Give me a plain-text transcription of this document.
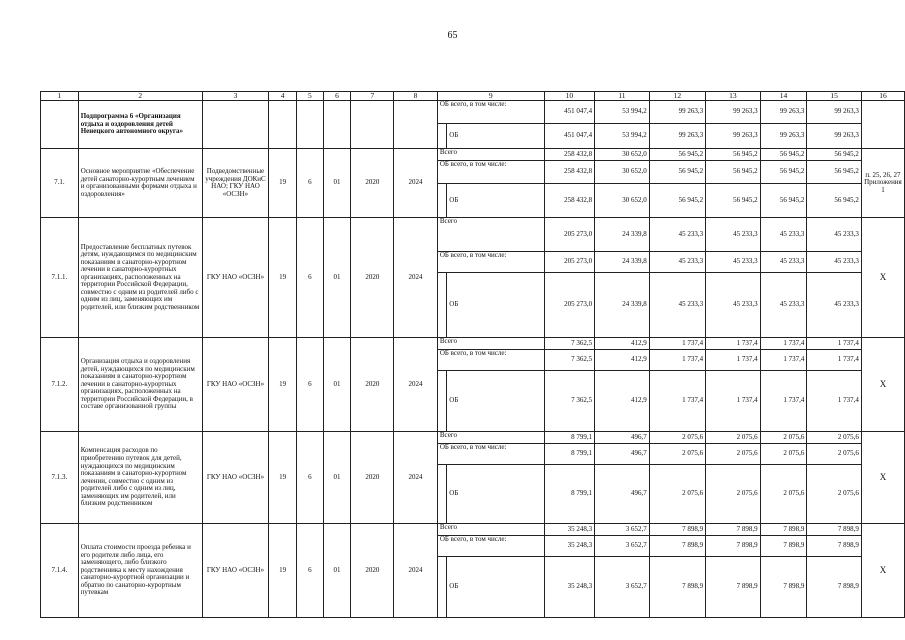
65
1	2	3	4	5	6	7	8	9		10	11	12	13	14	15	16
	Подпрограмма 6 «Организация отдыха и оздоровления детей Ненецкого автономного округа»							ОБ всего, в том числе:		451 047,4	53 994,2	99 263,3	99 263,3	99 263,3	99 263,3	
									ОБ	451 047,4	53 994,2	99 263,3	99 263,3	99 263,3	99 263,3	
7.1.	Основное мероприятие «Обеспечение детей санаторно-курортным лечением и организованными формами отдыха и оздоровления»	Подведомственные учреждения ДОКиС НАО; ГКУ НАО «ОСЗН»	19	6	01	2020	2024	Всего		258 432,8	30 652,0	56 945,2	56 945,2	56 945,2	56 945,2	п. 25, 26, 27 Приложения 1
								ОБ всего, в том числе:		258 432,8	30 652,0	56 945,2	56 945,2	56 945,2	56 945,2	
									ОБ	258 432,8	30 652,0	56 945,2	56 945,2	56 945,2	56 945,2	
7.1.1.	Предоставление бесплатных путевок детям, нуждающимся по медицинским показаниям в санаторно-курортном лечении в санаторно-курортных организациях, расположенных на территории Российской Федерации, совместно с одним из родителей либо с одним из лиц, заменяющих им родителей, или близким родственником	ГКУ НАО «ОСЗН»	19	6	01	2020	2024	Всего		205 273,0	24 339,8	45 233,3	45 233,3	45 233,3	45 233,3	X
								ОБ всего, в том числе:		205 273,0	24 339,8	45 233,3	45 233,3	45 233,3	45 233,3	
									ОБ	205 273,0	24 339,8	45 233,3	45 233,3	45 233,3	45 233,3	
7.1.2.	Организация отдыха и оздоровления детей, нуждающихся по медицинским показаниям в санаторно-курортном лечении в санаторно-курортных организациях, расположенных на территории Российской Федерации, в составе организованной группы	ГКУ НАО «ОСЗН»	19	6	01	2020	2024	Всего		7 362,5	412,9	1 737,4	1 737,4	1 737,4	1 737,4	X
								ОБ всего, в том числе:		7 362,5	412,9	1 737,4	1 737,4	1 737,4	1 737,4	
									ОБ	7 362,5	412,9	1 737,4	1 737,4	1 737,4	1 737,4	
7.1.3.	Компенсация расходов по приобретению путевок для детей, нуждающихся по медицинским показаниям в санаторно-курортном лечении, совместно с одним из родителей либо с одним из лиц, заменяющих им родителей, или близким родственником	ГКУ НАО «ОСЗН»	19	6	01	2020	2024	Всего		8 799,1	496,7	2 075,6	2 075,6	2 075,6	2 075,6	X
								ОБ всего, в том числе:		8 799,1	496,7	2 075,6	2 075,6	2 075,6	2 075,6	
									ОБ	8 799,1	496,7	2 075,6	2 075,6	2 075,6	2 075,6	
7.1.4.	Оплата стоимости проезда ребенка и его родителя либо лица, его заменяющего, либо близкого родственника к месту нахождения санаторно-курортной организации и обратно по санаторно-курортным путевкам	ГКУ НАО «ОСЗН»	19	6	01	2020	2024	Всего		35 248,3	3 652,7	7 898,9	7 898,9	7 898,9	7 898,9	X
								ОБ всего, в том числе:		35 248,3	3 652,7	7 898,9	7 898,9	7 898,9	7 898,9	
									ОБ	35 248,3	3 652,7	7 898,9	7 898,9	7 898,9	7 898,9	
